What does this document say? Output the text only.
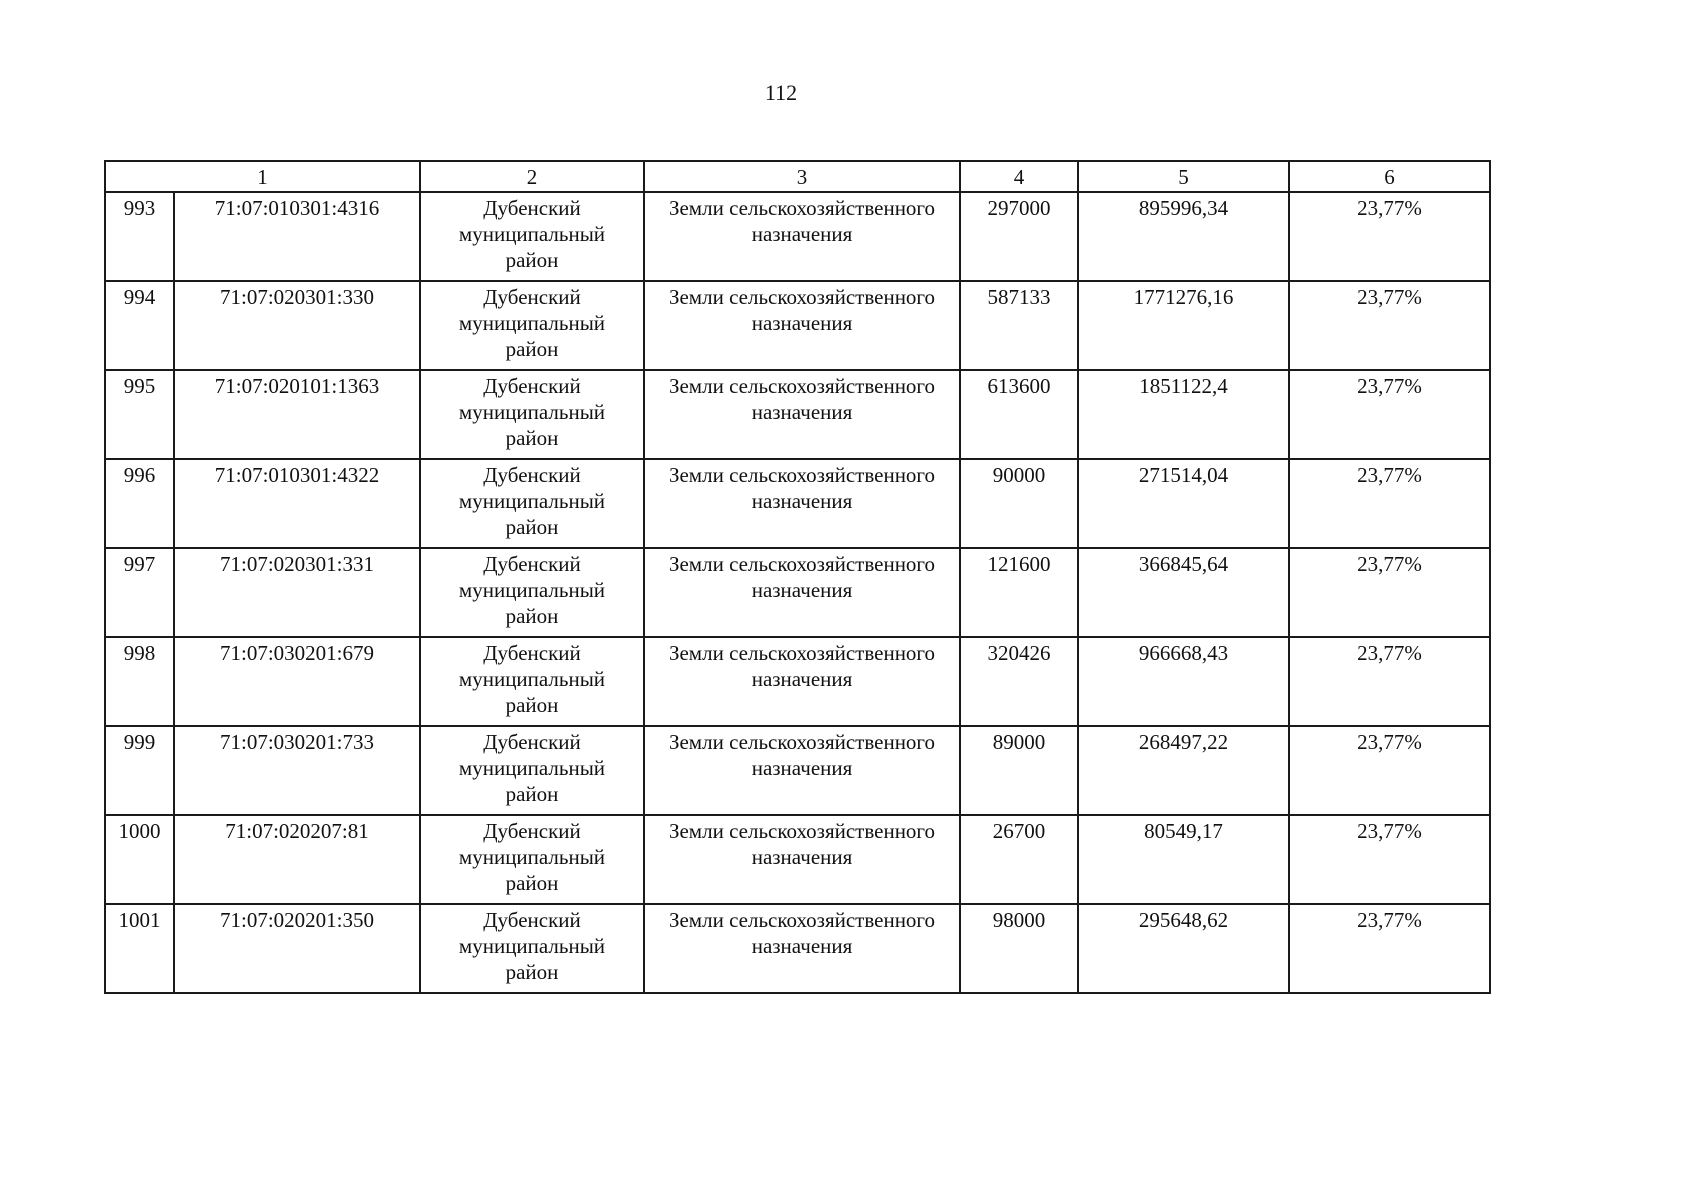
112
1		2	3	4	5	6
993	71:07:010301:4316	Дубенский
муниципальный
район	Земли сельскохозяйственного
назначения	297000	895996,34	23,77%
994	71:07:020301:330	Дубенский
муниципальный
район	Земли сельскохозяйственного
назначения	587133	1771276,16	23,77%
995	71:07:020101:1363	Дубенский
муниципальный
район	Земли сельскохозяйственного
назначения	613600	1851122,4	23,77%
996	71:07:010301:4322	Дубенский
муниципальный
район	Земли сельскохозяйственного
назначения	90000	271514,04	23,77%
997	71:07:020301:331	Дубенский
муниципальный
район	Земли сельскохозяйственного
назначения	121600	366845,64	23,77%
998	71:07:030201:679	Дубенский
муниципальный
район	Земли сельскохозяйственного
назначения	320426	966668,43	23,77%
999	71:07:030201:733	Дубенский
муниципальный
район	Земли сельскохозяйственного
назначения	89000	268497,22	23,77%
1000	71:07:020207:81	Дубенский
муниципальный
район	Земли сельскохозяйственного
назначения	26700	80549,17	23,77%
1001	71:07:020201:350	Дубенский
муниципальный
район	Земли сельскохозяйственного
назначения	98000	295648,62	23,77%
